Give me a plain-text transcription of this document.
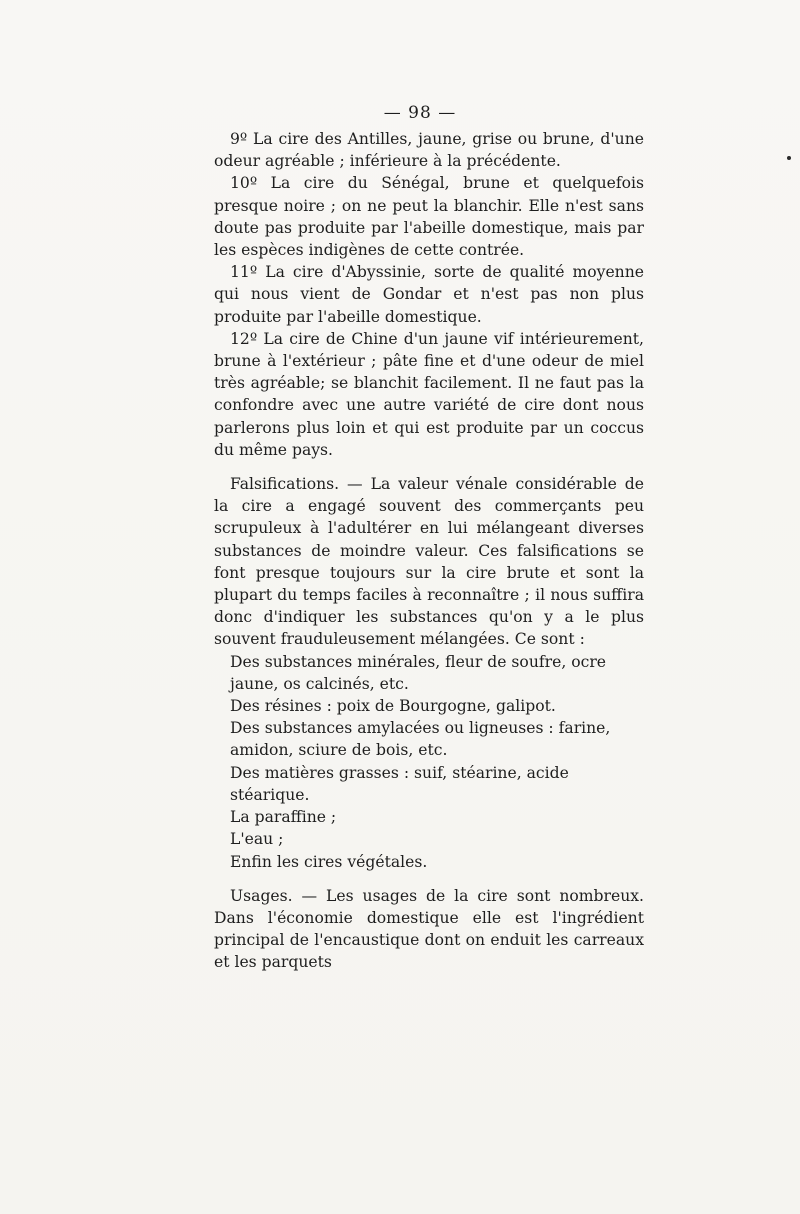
— 98 —

9º La cire des Antilles, jaune, grise ou brune, d'une odeur agréable ; inférieure à la précédente.

10º La cire du Sénégal, brune et quelquefois presque noire ; on ne peut la blanchir. Elle n'est sans doute pas produite par l'abeille domestique, mais par les espèces indigènes de cette contrée.

11º La cire d'Abyssinie, sorte de qualité moyenne qui nous vient de Gondar et n'est pas non plus produite par l'abeille domestique.

12º La cire de Chine d'un jaune vif intérieurement, brune à l'extérieur ; pâte fine et d'une odeur de miel très agréable; se blanchit facilement. Il ne faut pas la confondre avec une autre variété de cire dont nous parlerons plus loin et qui est produite par un coccus du même pays.

Falsifications. — La valeur vénale considérable de la cire a engagé souvent des commerçants peu scrupuleux à l'adultérer en lui mélangeant diverses substances de moindre valeur. Ces falsifications se font presque toujours sur la cire brute et sont la plupart du temps faciles à reconnaître ; il nous suffira donc d'indiquer les substances qu'on y a le plus souvent frauduleusement mélangées. Ce sont :

Des substances minérales, fleur de soufre, ocre jaune, os calcinés, etc.

Des résines : poix de Bourgogne, galipot.

Des substances amylacées ou ligneuses : farine, amidon, sciure de bois, etc.

Des matières grasses : suif, stéarine, acide stéarique.

La paraffine ;

L'eau ;

Enfin les cires végétales.

Usages. — Les usages de la cire sont nombreux. Dans l'économie domestique elle est l'ingrédient principal de l'encaustique dont on enduit les carreaux et les parquets
